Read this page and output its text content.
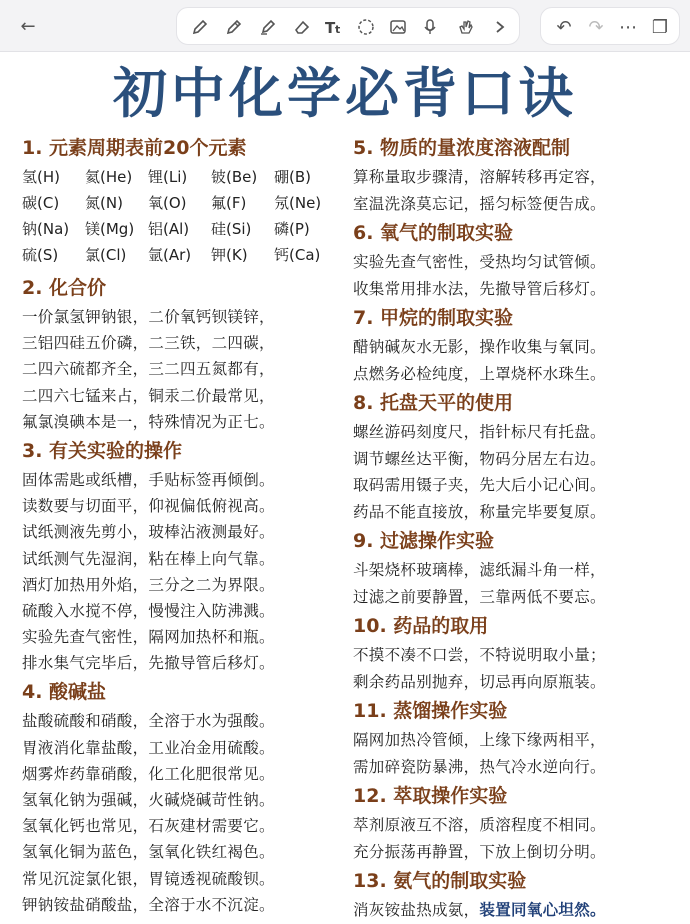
←	T t	↶ ↷ ⋯ ❐
初中化学必背口诀
1. 元素周期表前20个元素
氢(H)	氦(He)	锂(Li)	铍(Be)	硼(B)
碳(C)	氮(N)	氧(O)	氟(F)	氖(Ne)
钠(Na)	镁(Mg) 铝(Al)	硅(Si)	磷(P)
硫(S)	氯(Cl)	氩(Ar)	钾(K)	钙(Ca)
2. 化合价
一价氯氢钾钠银，二价氧钙钡镁锌，
三铝四硅五价磷，二三铁，二四碳，
二四六硫都齐全，三二四五氮都有，
二四六七锰来占，铜汞二价最常见，
氟氯溴碘本是一，特殊情况为正七。
3. 有关实验的操作
固体需匙或纸槽，手贴标签再倾倒。
读数要与切面平，仰视偏低俯视高。
试纸测液先剪小，玻棒沾液测最好。
试纸测气先湿润，粘在棒上向气靠。
酒灯加热用外焰，三分之二为界限。
硫酸入水搅不停，慢慢注入防沸溅。
实验先查气密性，隔网加热杯和瓶。
排水集气完毕后，先撤导管后移灯。
4. 酸碱盐
盐酸硫酸和硝酸，全溶于水为强酸。
胃液消化靠盐酸，工业冶金用硫酸。
烟雾炸药靠硝酸，化工化肥很常见。
氢氧化钠为强碱，火碱烧碱苛性钠。
氢氧化钙也常见，石灰建材需要它。
氢氧化铜为蓝色，氢氧化铁红褐色。
常见沉淀氯化银，胃镜透视硫酸钡。
钾钠铵盐硝酸盐，全溶于水不沉淀。
5. 物质的量浓度溶液配制
算称量取步骤清，溶解转移再定容，
室温洗涤莫忘记，摇匀标签便告成。
6. 氧气的制取实验
实验先查气密性，受热均匀试管倾。
收集常用排水法，先撤导管后移灯。
7. 甲烷的制取实验
醋钠碱灰水无影，操作收集与氧同。
点燃务必检纯度，上罩烧杯水珠生。
8. 托盘天平的使用
螺丝游码刻度尺，指针标尺有托盘。
调节螺丝达平衡，物码分居左右边。
取码需用镊子夹，先大后小记心间。
药品不能直接放，称量完毕要复原。
9. 过滤操作实验
斗架烧杯玻璃棒，滤纸漏斗角一样，
过滤之前要静置，三靠两低不要忘。
10. 药品的取用
不摸不凑不口尝，不特说明取小量；
剩余药品别抛弃，切忌再向原瓶装。
11. 蒸馏操作实验
隔网加热冷管倾，上缘下缘两相平，
需加碎瓷防暴沸，热气冷水逆向行。
12. 萃取操作实验
萃剂原液互不溶，质溶程度不相同。
充分振荡再静置，下放上倒切分明。
13. 氨气的制取实验
消灰铵盐热成氨，装置同氧心坦然。
